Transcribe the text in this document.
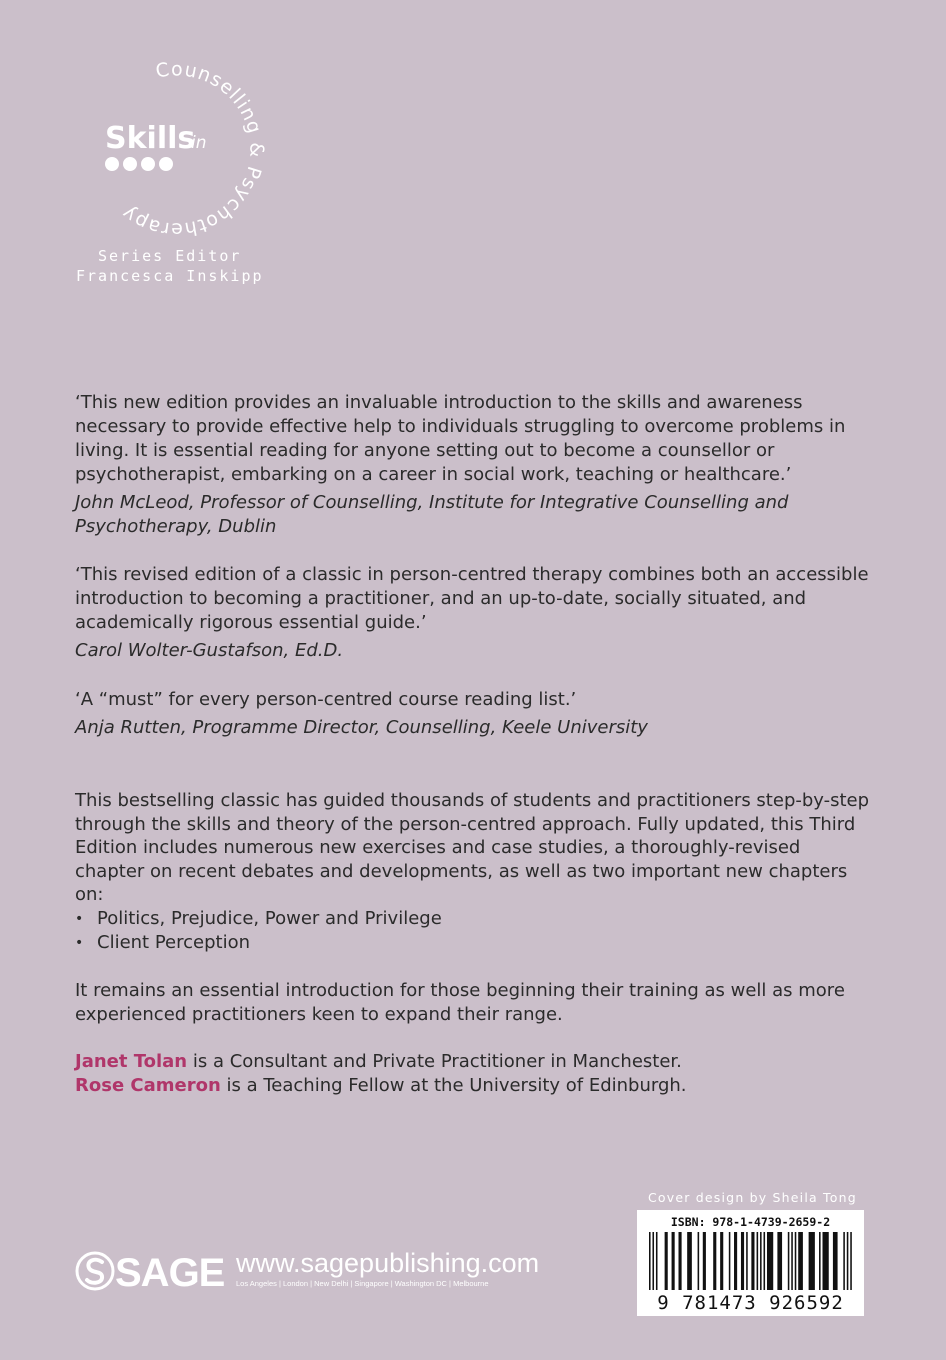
Counselling & Psychotherapy
Skills
in
Series Editor
Francesca Inskipp

‘This new edition provides an invaluable introduction to the skills and awareness necessary to provide effective help to individuals struggling to overcome problems in living. It is essential reading for anyone setting out to become a counsellor or psychotherapist, embarking on a career in social work, teaching or healthcare.’

John McLeod, Professor of Counselling, Institute for Integrative Counselling and Psychotherapy, Dublin

‘This revised edition of a classic in person-centred therapy combines both an accessible introduction to becoming a practitioner, and an up-to-date, socially situated, and academically rigorous essential guide.’

Carol Wolter-Gustafson, Ed.D.

‘A “must” for every person-centred course reading list.’

Anja Rutten, Programme Director, Counselling, Keele University

This bestselling classic has guided thousands of students and practitioners step-by-step through the skills and theory of the person-centred approach. Fully updated, this Third Edition includes numerous new exercises and case studies, a thoroughly-revised chapter on recent debates and developments, as well as two important new chapters on:

• Politics, Prejudice, Power and Privilege
• Client Perception

It remains an essential introduction for those beginning their training as well as more experienced practitioners keen to expand their range.

Janet Tolan is a Consultant and Private Practitioner in Manchester.

Rose Cameron is a Teaching Fellow at the University of Edinburgh.

Cover design by Sheila Tong
ISBN: 978-1-4739-2659-2
9 781473 926592
SAGE www.sagepublishing.com
Los Angeles | London | New Delhi | Singapore | Washington DC | Melbourne
